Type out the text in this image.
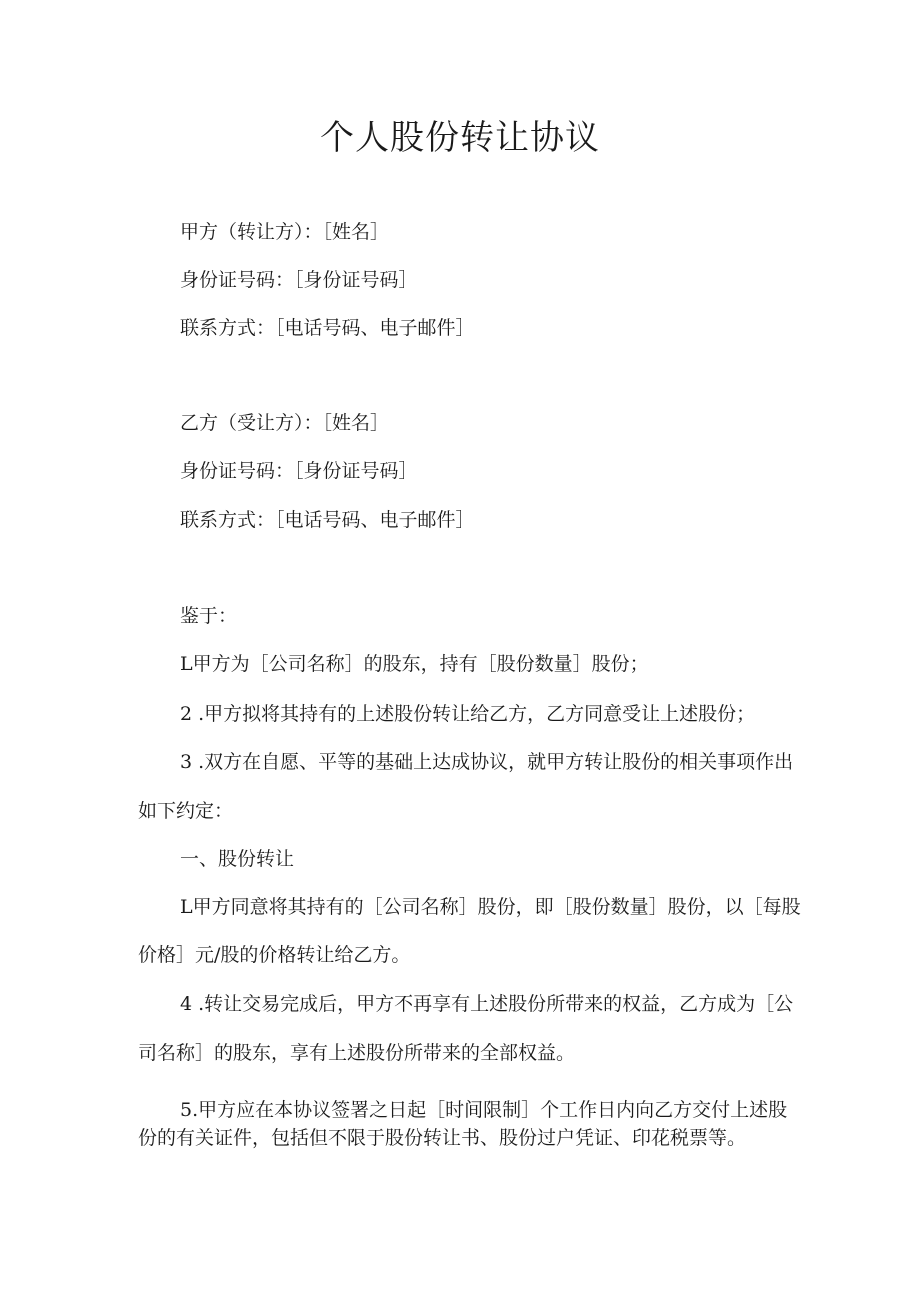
个人股份转让协议
甲方（转让方）：［姓名］
身份证号码：［身份证号码］
联系方式：［电话号码、电子邮件］
乙方（受让方）：［姓名］
身份证号码：［身份证号码］
联系方式：［电话号码、电子邮件］
鉴于：
L甲方为［公司名称］的股东，持有［股份数量］股份；
2 .甲方拟将其持有的上述股份转让给乙方，乙方同意受让上述股份；
3 .双方在自愿、平等的基础上达成协议，就甲方转让股份的相关事项作出
如下约定：
一、股份转让
L甲方同意将其持有的［公司名称］股份，即［股份数量］股份，以［每股
价格］元/股的价格转让给乙方。
4 .转让交易完成后，甲方不再享有上述股份所带来的权益，乙方成为［公
司名称］的股东，享有上述股份所带来的全部权益。
5.甲方应在本协议签署之日起［时间限制］个工作日内向乙方交付上述股
份的有关证件，包括但不限于股份转让书、股份过户凭证、印花税票等。
